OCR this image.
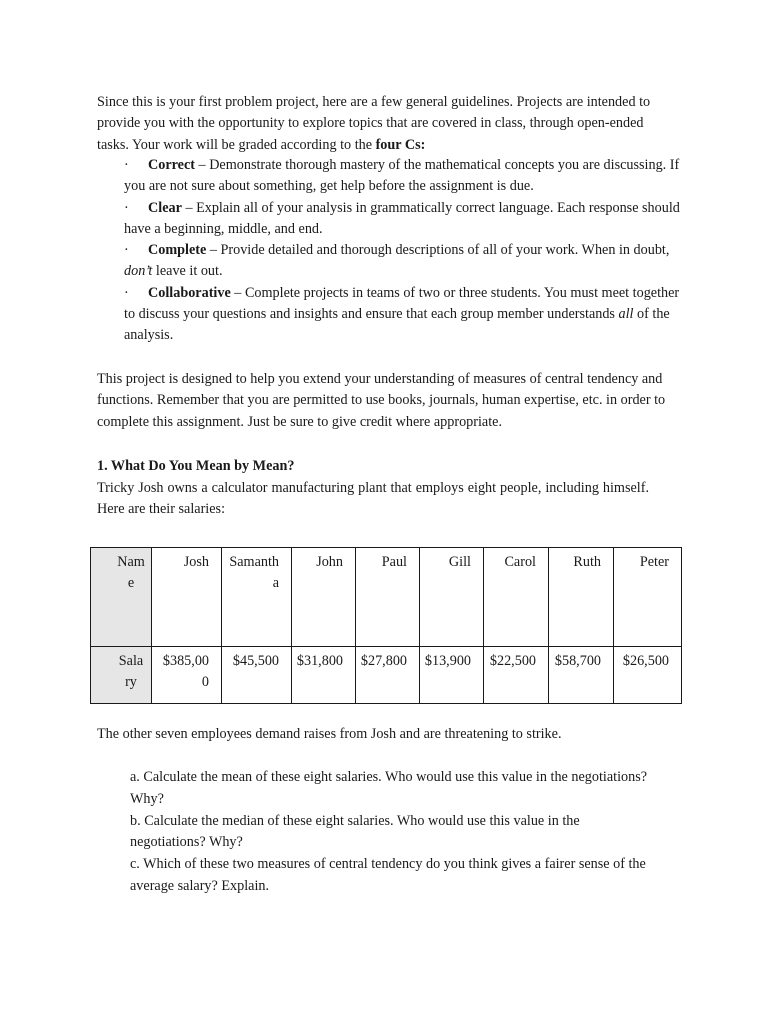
Since this is your first problem project, here are a few general guidelines. Projects are intended to provide you with the opportunity to explore topics that are covered in class, through open-ended tasks. Your work will be graded according to the four Cs:

·	Correct – Demonstrate thorough mastery of the mathematical concepts you are discussing. If you are not sure about something, get help before the assignment is due.
·	Clear – Explain all of your analysis in grammatically correct language. Each response should have a beginning, middle, and end.
·	Complete – Provide detailed and thorough descriptions of all of your work. When in doubt, don’t leave it out.
·	Collaborative – Complete projects in teams of two or three students. You must meet together to discuss your questions and insights and ensure that each group member understands all of the analysis.

This project is designed to help you extend your understanding of measures of central tendency and functions. Remember that you are permitted to use books, journals, human expertise, etc. in order to complete this assignment. Just be sure to give credit where appropriate.

1. What Do You Mean by Mean?

Tricky Josh owns a calculator manufacturing plant that employs eight people, including himself. Here are their salaries:

Name	Josh	Samantha	John	Paul	Gill	Carol	Ruth	Peter
Salary	$385,000	$45,500	$31,800	$27,800	$13,900	$22,500	$58,700	$26,500

The other seven employees demand raises from Josh and are threatening to strike.

a. Calculate the mean of these eight salaries. Who would use this value in the negotiations? Why?

b. Calculate the median of these eight salaries. Who would use this value in the negotiations? Why?

c. Which of these two measures of central tendency do you think gives a fairer sense of the average salary? Explain.
